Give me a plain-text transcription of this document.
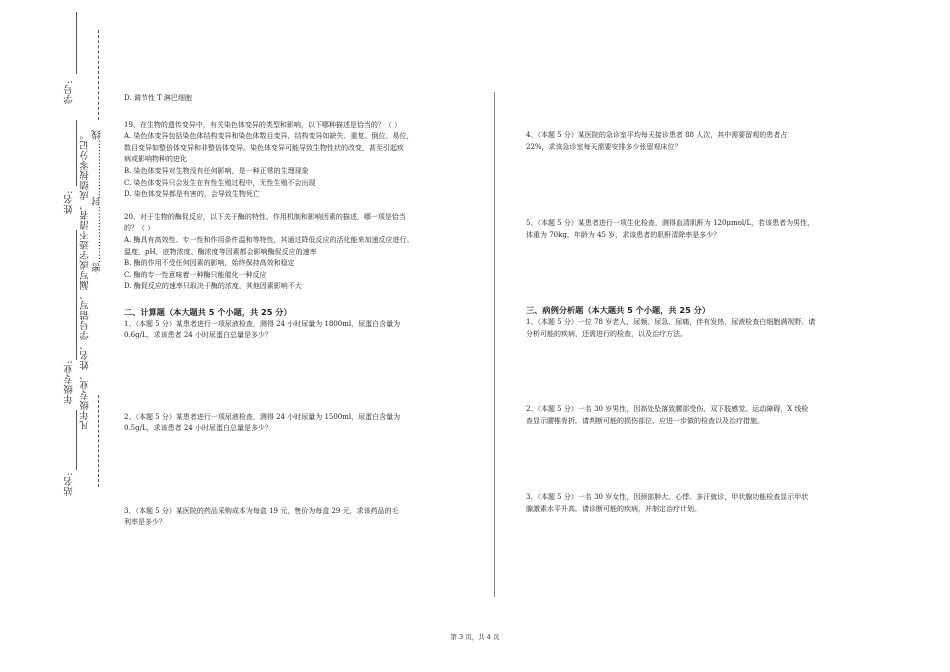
学号:
姓名:
年级专业:
站名:
凡年级专业、姓名、学号错写、漏写或字迹不清者，成绩按零分记。 密………………封………………线

D. 调节性 T 淋巴细胞

19、在生物的遗传变异中，有关染色体变异的类型和影响，以下哪种描述是恰当的？（ ）

A. 染色体变异包括染色体结构变异和染色体数目变异，结构变异如缺失、重复、倒位、易位，

数目变异如整倍体变异和非整倍体变异。染色体变异可能导致生物性状的改变，甚至引起疾

病或影响物种的进化

B. 染色体变异对生物没有任何影响，是一种正常的生理现象

C. 染色体变异只会发生在有性生殖过程中，无性生殖不会出现

D. 染色体变异都是有害的，会导致生物死亡

20、对于生物的酶促反应，以下关于酶的特性、作用机制和影响因素的描述，哪一项是恰当

的？（ ）

A. 酶具有高效性、专一性和作用条件温和等特性，其通过降低反应的活化能来加速反应进行。

温度，pH，底物浓度、酶浓度等因素都会影响酶促反应的速率

B. 酶的作用不受任何因素的影响，始终保持高效和稳定

C. 酶的专一性意味着一种酶只能催化一种反应

D. 酶促反应的速率只取决于酶的浓度，其他因素影响不大

二、计算题（本大题共 5 个小题，共 25 分）

1、（本题 5 分）某患者进行一项尿液检查，测得 24 小时尿量为 1800ml，尿蛋白含量为

0.6g/L，求该患者 24 小时尿蛋白总量是多少？

2、（本题 5 分）某患者进行一项尿液检查，测得 24 小时尿量为 1500ml，尿蛋白含量为

0.5g/L，求该患者 24 小时尿蛋白总量是多少？

3、（本题 5 分）某医院的药品采购成本为每盒 19 元，售价为每盒 29 元，求该药品的毛

利率是多少？

4、（本题 5 分）某医院的急诊室平均每天接诊患者 88 人次，其中需要留观的患者占

22%，求该急诊室每天需要安排多少张留观床位？

5、（本题 5 分）某患者进行一项生化检查，测得血清肌酐为 120μmol/L，若该患者为男性，

体重为 70kg，年龄为 45 岁，求该患者的肌酐清除率是多少？

三、病例分析题（本大题共 5 个小题，共 25 分）

1、（本题 5 分）一位 78 岁老人，尿频、尿急、尿痛，伴有发热，尿液检查白细胞满视野。请

分析可能的疾病，还需进行的检查，以及治疗方法。

2、（本题 5 分）一名 30 岁男性，因高处坠落致腰部受伤，双下肢感觉、运动障碍，X 线检

查显示腰椎骨折。请判断可能的损伤部位、应进一步做的检查以及治疗措施。

3、（本题 5 分）一名 30 岁女性，因颈部肿大、心悸、多汗就诊，甲状腺功能检查显示甲状

腺激素水平升高。请诊断可能的疾病，并制定治疗计划。

第 3 页，共 4 页
